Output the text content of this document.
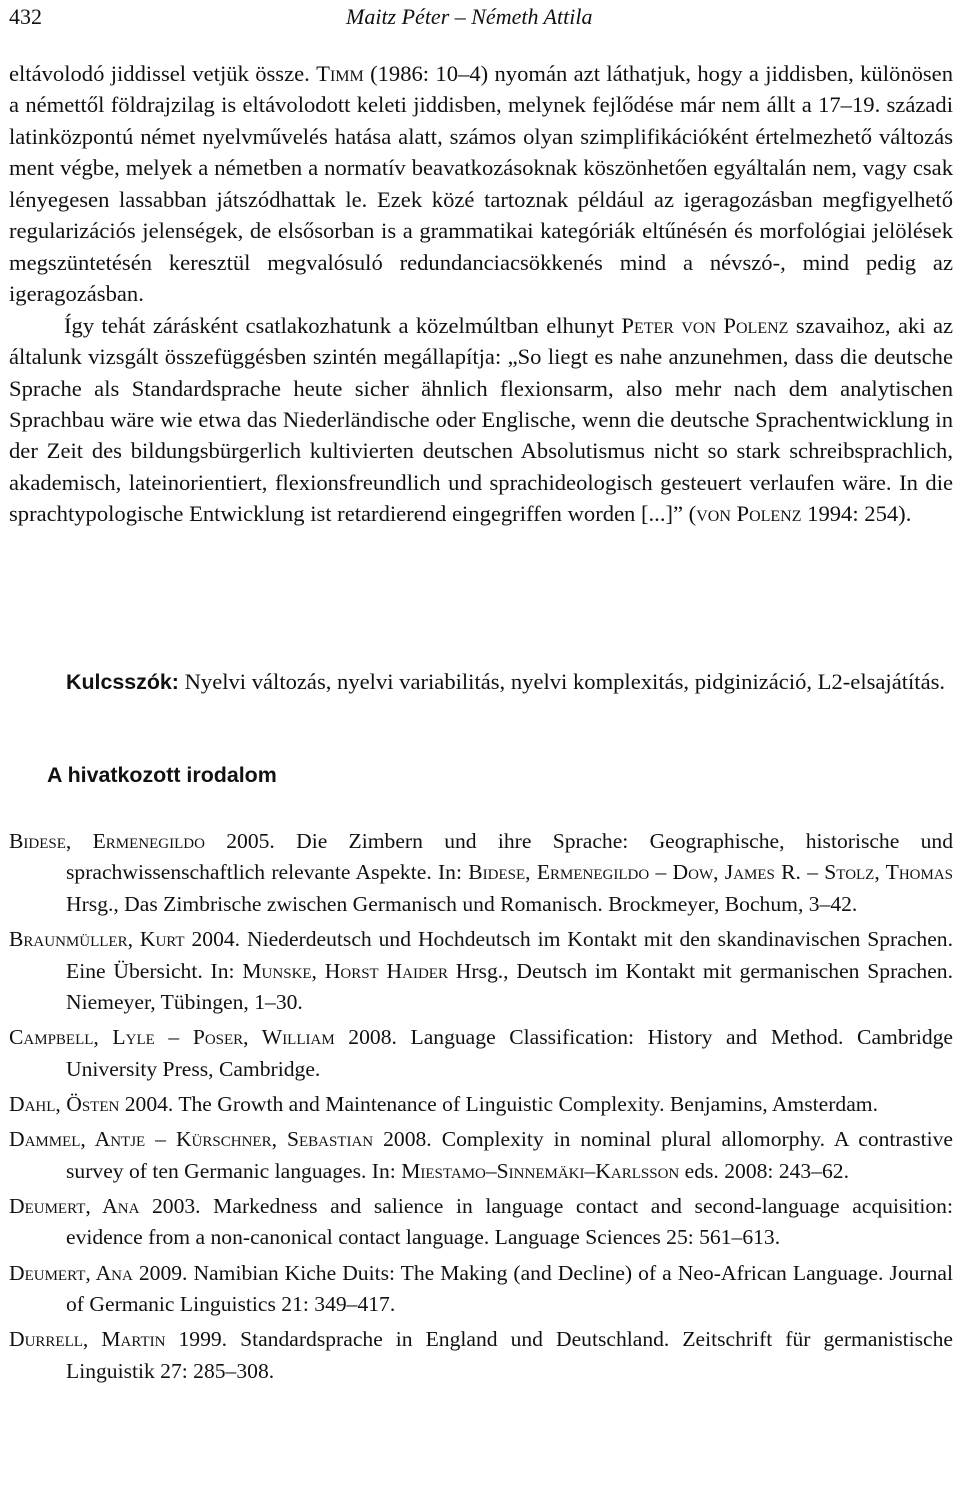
432	Maitz Péter – Németh Attila

eltávolodó jiddissel vetjük össze. Timm (1986: 10–4) nyomán azt láthatjuk, hogy a jiddisben, különösen a némettől földrajzilag is eltávolodott keleti jiddisben, melynek fejlődése már nem állt a 17–19. századi latinközpontú német nyelvművelés hatása alatt, számos olyan szimplifikációként értelmezhető változás ment végbe, melyek a németben a normatív beavatkozásoknak köszönhetően egyáltalán nem, vagy csak lényegesen lassabban játszódhattak le. Ezek közé tartoznak például az igeragozásban megfigyelhető regularizációs jelenségek, de elsősorban is a grammatikai kategóriák eltűnésén és morfológiai jelölések megszüntetésén keresztül megvalósuló redundanciacsökkenés mind a névszó-, mind pedig az igeragozásban.

Így tehát zárásként csatlakozhatunk a közelmúltban elhunyt Peter von Polenz szavaihoz, aki az általunk vizsgált összefüggésben szintén megállapítja: „So liegt es nahe anzunehmen, dass die deutsche Sprache als Standardsprache heute sicher ähnlich flexionsarm, also mehr nach dem analytischen Sprachbau wäre wie etwa das Niederländische oder Englische, wenn die deutsche Sprachentwicklung in der Zeit des bildungsbürgerlich kultivierten deutschen Absolutismus nicht so stark schreibsprachlich, akademisch, lateinorientiert, flexionsfreundlich und sprachideologisch gesteuert verlaufen wäre. In die sprachtypologische Entwicklung ist retardierend eingegriffen worden [...]” (von Polenz 1994: 254).

Kulcsszók: Nyelvi változás, nyelvi variabilitás, nyelvi komplexitás, pidginizáció, L2-elsajátítás.

A hivatkozott irodalom
Bidese, Ermenegildo 2005. Die Zimbern und ihre Sprache: Geographische, historische und sprachwissenschaftlich relevante Aspekte. In: Bidese, Ermenegildo – Dow, James R. – Stolz, Thomas Hrsg., Das Zimbrische zwischen Germanisch und Romanisch. Brockmeyer, Bochum, 3–42.
Braunmüller, Kurt 2004. Niederdeutsch und Hochdeutsch im Kontakt mit den skandinavischen Sprachen. Eine Übersicht. In: Munske, Horst Haider Hrsg., Deutsch im Kontakt mit germanischen Sprachen. Niemeyer, Tübingen, 1–30.
Campbell, Lyle – Poser, William 2008. Language Classification: History and Method. Cambridge University Press, Cambridge.
Dahl, Östen 2004. The Growth and Maintenance of Linguistic Complexity. Benjamins, Amsterdam.
Dammel, Antje – Kürschner, Sebastian 2008. Complexity in nominal plural allomorphy. A contrastive survey of ten Germanic languages. In: Miestamo–Sinnemäki–Karlsson eds. 2008: 243–62.
Deumert, Ana 2003. Markedness and salience in language contact and second-language acquisition: evidence from a non-canonical contact language. Language Sciences 25: 561–613.
Deumert, Ana 2009. Namibian Kiche Duits: The Making (and Decline) of a Neo-African Language. Journal of Germanic Linguistics 21: 349–417.
Durrell, Martin 1999. Standardsprache in England und Deutschland. Zeitschrift für germanistische Linguistik 27: 285–308.
